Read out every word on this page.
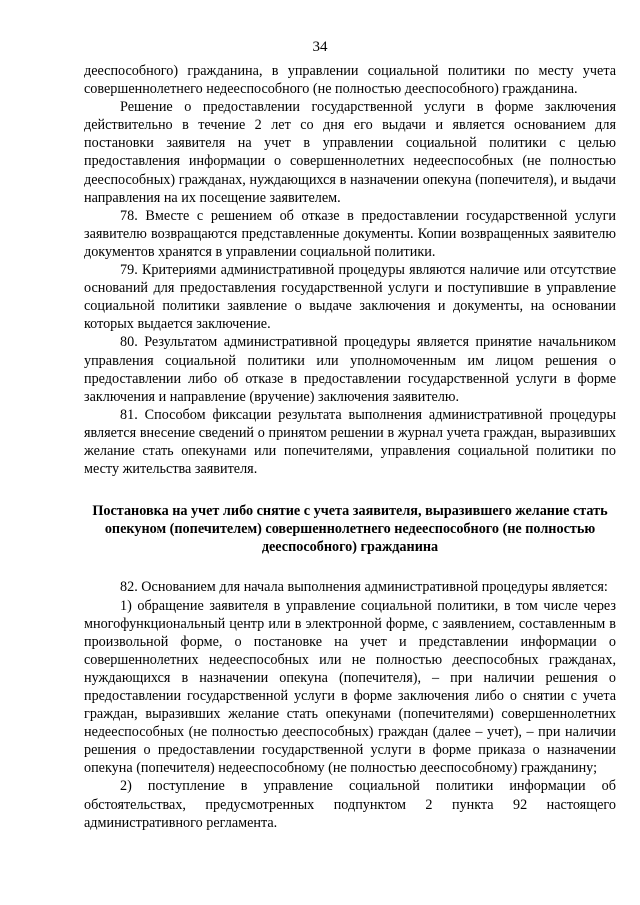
34

дееспособного) гражданина, в управлении социальной политики по месту учета совершеннолетнего недееспособного (не полностью дееспособного) гражданина.

Решение о предоставлении государственной услуги в форме заключения действительно в течение 2 лет со дня его выдачи и является основанием для постановки заявителя на учет в управлении социальной политики с целью предоставления информации о совершеннолетних недееспособных (не полностью дееспособных) гражданах, нуждающихся в назначении опекуна (попечителя), и выдачи направления на их посещение заявителем.

78. Вместе с решением об отказе в предоставлении государственной услуги заявителю возвращаются представленные документы. Копии возвращенных заявителю документов хранятся в управлении социальной политики.

79. Критериями административной процедуры являются наличие или отсутствие оснований для предоставления государственной услуги и поступившие в управление социальной политики заявление о выдаче заключения и документы, на основании которых выдается заключение.

80. Результатом административной процедуры является принятие начальником управления социальной политики или уполномоченным им лицом решения о предоставлении либо об отказе в предоставлении государственной услуги в форме заключения и направление (вручение) заключения заявителю.

81. Способом фиксации результата выполнения административной процедуры является внесение сведений о принятом решении в журнал учета граждан, выразивших желание стать опекунами или попечителями, управления социальной политики по месту жительства заявителя.

Постановка на учет либо снятие с учета заявителя, выразившего желание стать опекуном (попечителем) совершеннолетнего недееспособного (не полностью дееспособного) гражданина

82. Основанием для начала выполнения административной процедуры является:

1) обращение заявителя в управление социальной политики, в том числе через многофункциональный центр или в электронной форме, с заявлением, составленным в произвольной форме, о постановке на учет и представлении информации о совершеннолетних недееспособных или не полностью дееспособных гражданах, нуждающихся в назначении опекуна (попечителя), – при наличии решения о предоставлении государственной услуги в форме заключения либо о снятии с учета граждан, выразивших желание стать опекунами (попечителями) совершеннолетних недееспособных (не полностью дееспособных) граждан (далее – учет), – при наличии решения о предоставлении государственной услуги в форме приказа о назначении опекуна (попечителя) недееспособному (не полностью дееспособному) гражданину;

2) поступление в управление социальной политики информации об обстоятельствах, предусмотренных подпунктом 2 пункта 92 настоящего административного регламента.
